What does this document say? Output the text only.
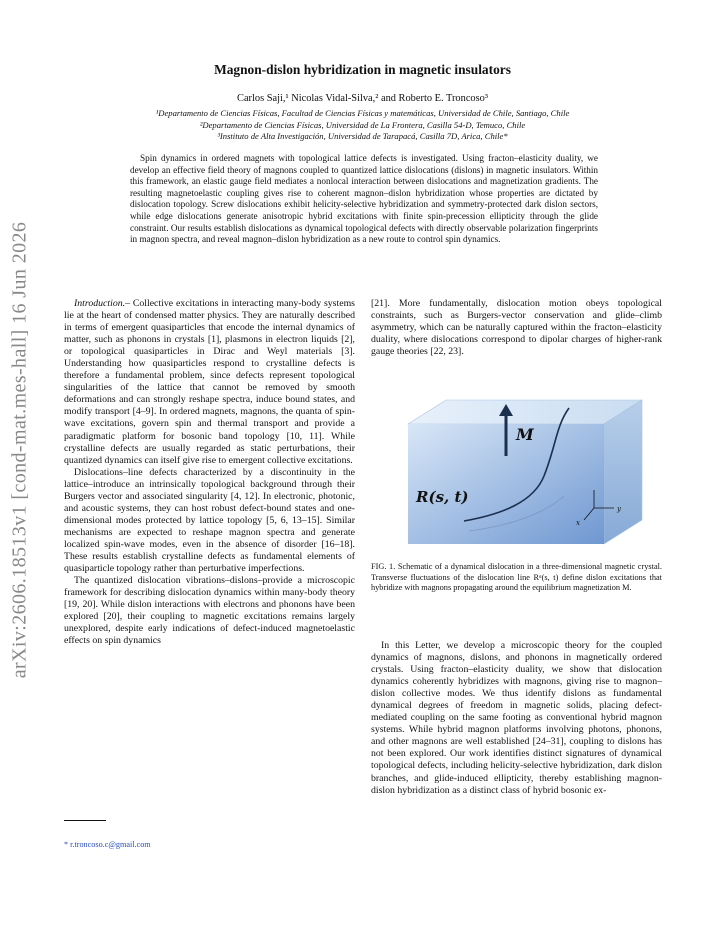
arXiv:2606.18513v1 [cond-mat.mes-hall] 16 Jun 2026
Magnon-dislon hybridization in magnetic insulators
Carlos Saji,¹ Nicolas Vidal-Silva,² and Roberto E. Troncoso³
¹Departamento de Ciencias Físicas, Facultad de Ciencias Físicas y matemáticas, Universidad de Chile, Santiago, Chile
²Departamento de Ciencias Físicas, Universidad de La Frontera, Casilla 54-D, Temuco, Chile
³Instituto de Alta Investigación, Universidad de Tarapacá, Casilla 7D, Arica, Chile*
Spin dynamics in ordered magnets with topological lattice defects is investigated. Using fracton–elasticity duality, we develop an effective field theory of magnons coupled to quantized lattice dislocations (dislons) in magnetic insulators. Within this framework, an elastic gauge field mediates a nonlocal interaction between dislocations and magnetization gradients. The resulting magnetoelastic coupling gives rise to coherent magnon–dislon hybridization whose properties are dictated by dislocation topology. Screw dislocations exhibit helicity-selective hybridization and symmetry-protected dark dislon sectors, while edge dislocations generate anisotropic hybrid excitations with finite spin-precession ellipticity through the glide constraint. Our results establish dislocations as dynamical topological defects with directly observable polarization fingerprints in magnon spectra, and reveal magnon–dislon hybridization as a new route to control spin dynamics.

Introduction.– Collective excitations in interacting many-body systems lie at the heart of condensed matter physics. They are naturally described in terms of emergent quasiparticles that encode the internal dynamics of matter, such as phonons in crystals [1], plasmons in electron liquids [2], or topological quasiparticles in Dirac and Weyl materials [3]. Understanding how quasiparticles respond to crystalline defects is therefore a fundamental problem, since defects represent topological singularities of the lattice that cannot be removed by smooth deformations and can strongly reshape spectra, induce bound states, and modify transport [4–9]. In ordered magnets, magnons, the quanta of spin-wave excitations, govern spin and thermal transport and provide a paradigmatic platform for bosonic band topology [10, 11]. While crystalline defects are usually regarded as static perturbations, their quantized dynamics can itself give rise to emergent collective excitations.

Dislocations–line defects characterized by a discontinuity in the lattice–introduce an intrinsically topological background through their Burgers vector and associated singularity [4, 12]. In electronic, photonic, and acoustic systems, they can host robust defect-bound states and one-dimensional modes protected by lattice topology [5, 6, 13–15]. Similar mechanisms are expected to reshape magnon spectra and generate localized spin-wave modes, even in the absence of disorder [16–18]. These results establish crystalline defects as fundamental elements of quasiparticle topology rather than perturbative imperfections.

The quantized dislocation vibrations–dislons–provide a microscopic framework for describing dislocation dynamics within many-body theory [19, 20]. While dislon interactions with electrons and phonons have been explored [20], their coupling to magnetic excitations remains largely unexplored, despite early indications of defect-induced magnetoelastic effects on spin dynamics

[21]. More fundamentally, dislocation motion obeys topological constraints, such as Burgers-vector conservation and glide–climb asymmetry, which can be naturally captured within the fracton–elasticity duality, where dislocations correspond to dipolar charges of higher-rank gauge theories [22, 23].

M
R(s, t)
y
x
FIG. 1. Schematic of a dynamical dislocation in a three-dimensional magnetic crystal. Transverse fluctuations of the dislocation line Rᵅ(s, t) define dislon excitations that hybridize with magnons propagating around the equilibrium magnetization M.

In this Letter, we develop a microscopic theory for the coupled dynamics of magnons, dislons, and phonons in magnetically ordered crystals. Using fracton–elasticity duality, we show that dislocation dynamics coherently hybridizes with magnons, giving rise to magnon–dislon collective modes. We thus identify dislons as fundamental dynamical degrees of freedom in magnetic solids, placing defect-mediated coupling on the same footing as conventional hybrid magnon systems. While hybrid magnon platforms involving photons, phonons, and other magnons are well established [24–31], coupling to dislons has not been explored. Our work identifies distinct signatures of dynamical topological defects, including helicity-selective hybridization, dark dislon branches, and glide-induced ellipticity, thereby establishing magnon-dislon hybridization as a distinct class of hybrid bosonic ex-

* r.troncoso.c@gmail.com
